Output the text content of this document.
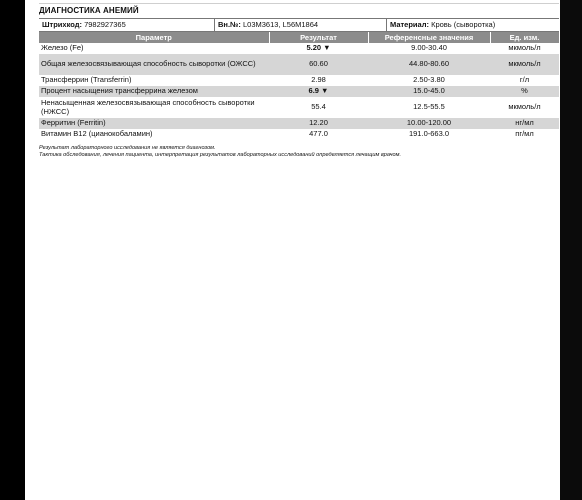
ДИАГНОСТИКА АНЕМИЙ
Штрихкод: 7982927365	Вн.№: L03M3613, L56M1864	Материал: Кровь (сыворотка)
Параметр	Результат	Референсные значения	Ед. изм.
Железо (Fe)	5.20 ▼	9.00-30.40	мкмоль/л
Общая железосвязывающая способность сыворотки (ОЖСС)	60.60	44.80-80.60	мкмоль/л
Трансферрин (Transferrin)	2.98	2.50-3.80	г/л
Процент насыщения трансферрина железом	6.9 ▼	15.0-45.0	%
Ненасыщенная железосвязывающая способность сыворотки (НЖСС)	55.4	12.5-55.5	мкмоль/л
Ферритин (Ferritin)	12.20	10.00-120.00	нг/мл
Витамин B12 (цианокобаламин)	477.0	191.0-663.0	пг/мл
Результат лабораторного исследования не является диагнозом.
Тактика обследования, лечения пациента, интерпретация результатов лабораторных исследований определяется лечащим врачом.
